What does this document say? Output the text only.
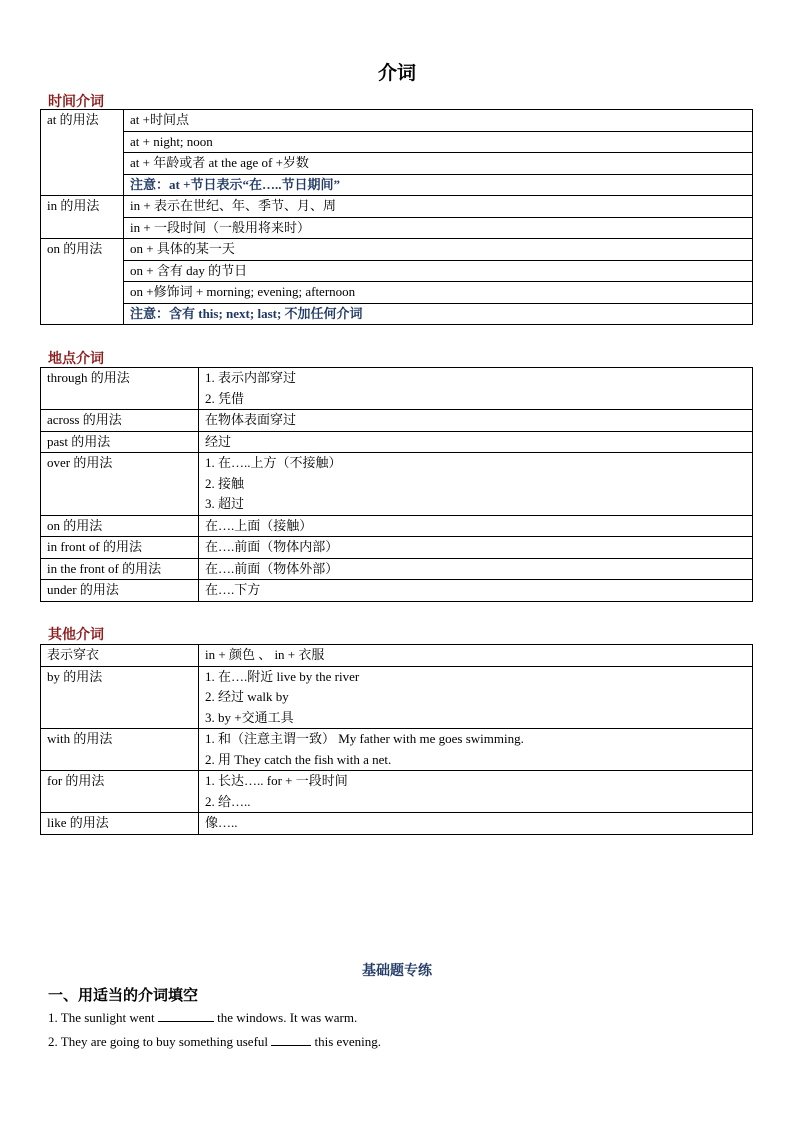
介词
时间介词
at 的用法	at +时间点
	at + night; noon
	at + 年龄或者 at the age of +岁数
	注意：at +节日表示“在…..节日期间”
in 的用法	in + 表示在世纪、年、季节、月、周
	in + 一段时间（一般用将来时）
on 的用法	on + 具体的某一天
	on + 含有 day 的节日
	on +修饰词 + morning; evening; afternoon
	注意：含有 this; next; last; 不加任何介词
地点介词
through 的用法	1. 表示内部穿过
2. 凭借

across 的用法	在物体表面穿过

past 的用法	经过

over 的用法	1. 在…..上方（不接触）
2. 接触
3. 超过

on 的用法	在….上面（接触）

in front of 的用法	在….前面（物体内部）

in the front of 的用法	在….前面（物体外部）

under 的用法	在….下方
其他介词
表示穿衣	in + 颜色 、 in + 衣服

by 的用法	1. 在….附近 live by the river
2. 经过 walk by
3. by +交通工具

with 的用法	1. 和（注意主谓一致） My father with me goes swimming.
2. 用 They catch the fish with a net.

for 的用法	1. 长达….. for + 一段时间
2. 给…..

like 的用法	像…..
基础题专练
一、用适当的介词填空
1. The sunlight went	the windows. It was warm.
2. They are going to buy something useful	this evening.
